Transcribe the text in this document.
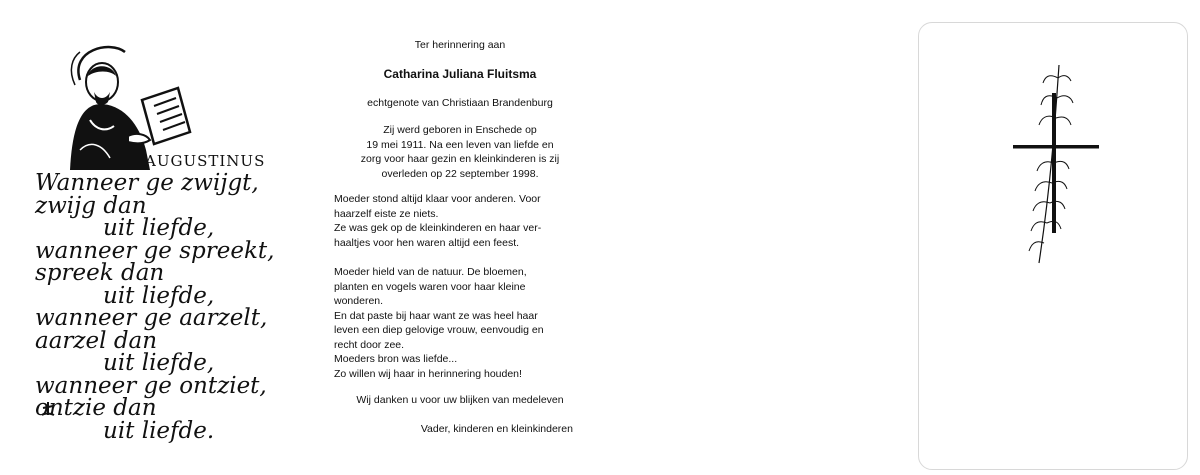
AUGUSTINUS
Wanneer ge zwijgt,
zwijg dan
uit liefde,
wanneer ge spreekt,
spreek dan
uit liefde,
wanneer ge aarzelt,
aarzel dan
uit liefde,
wanneer ge ontziet,
ontzie dan
uit liefde.
Ter herinnering aan
Catharina Juliana Fluitsma
echtgenote van Christiaan Brandenburg
Zij werd geboren in Enschede op
19 mei 1911. Na een leven van liefde en
zorg voor haar gezin en kleinkinderen is zij
overleden op 22 september 1998.
Moeder stond altijd klaar voor anderen. Voor
haarzelf eiste ze niets.
Ze was gek op de kleinkinderen en haar ver-
haaltjes voor hen waren altijd een feest.
Moeder hield van de natuur. De bloemen,
planten en vogels waren voor haar kleine
wonderen.
En dat paste bij haar want ze was heel haar
leven een diep gelovige vrouw, eenvoudig en
recht door zee.
Moeders bron was liefde...
Zo willen wij haar in herinnering houden!
Wij danken u voor uw blijken van medeleven
Vader, kinderen en kleinkinderen
